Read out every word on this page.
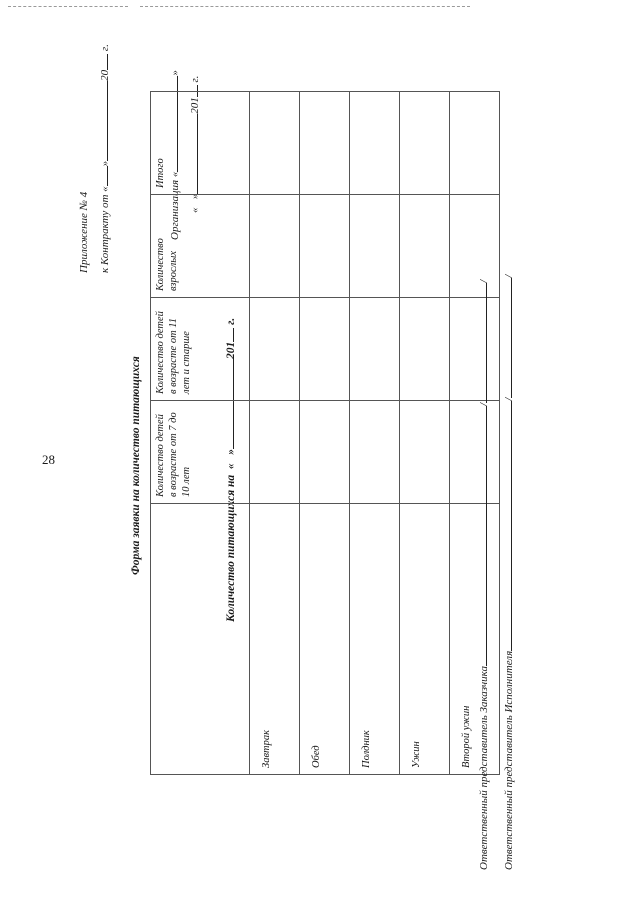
28
Приложение № 4 к Контракту от «»20 г.
Организация «»
«   »201 г.
Форма заявки на количество питающихся	Количество питающихся на  «   »201 г.
	Количество детей в возрасте от 7 до 10 лет	Количество детей в возрасте от 11 лет и старше	Количество взрослых	Итого
Завтрак				
Обед				
Полдник				
Ужин				
Второй ужин				Ответственный представитель Заказчика//
Ответственный представитель Исполнителя//
